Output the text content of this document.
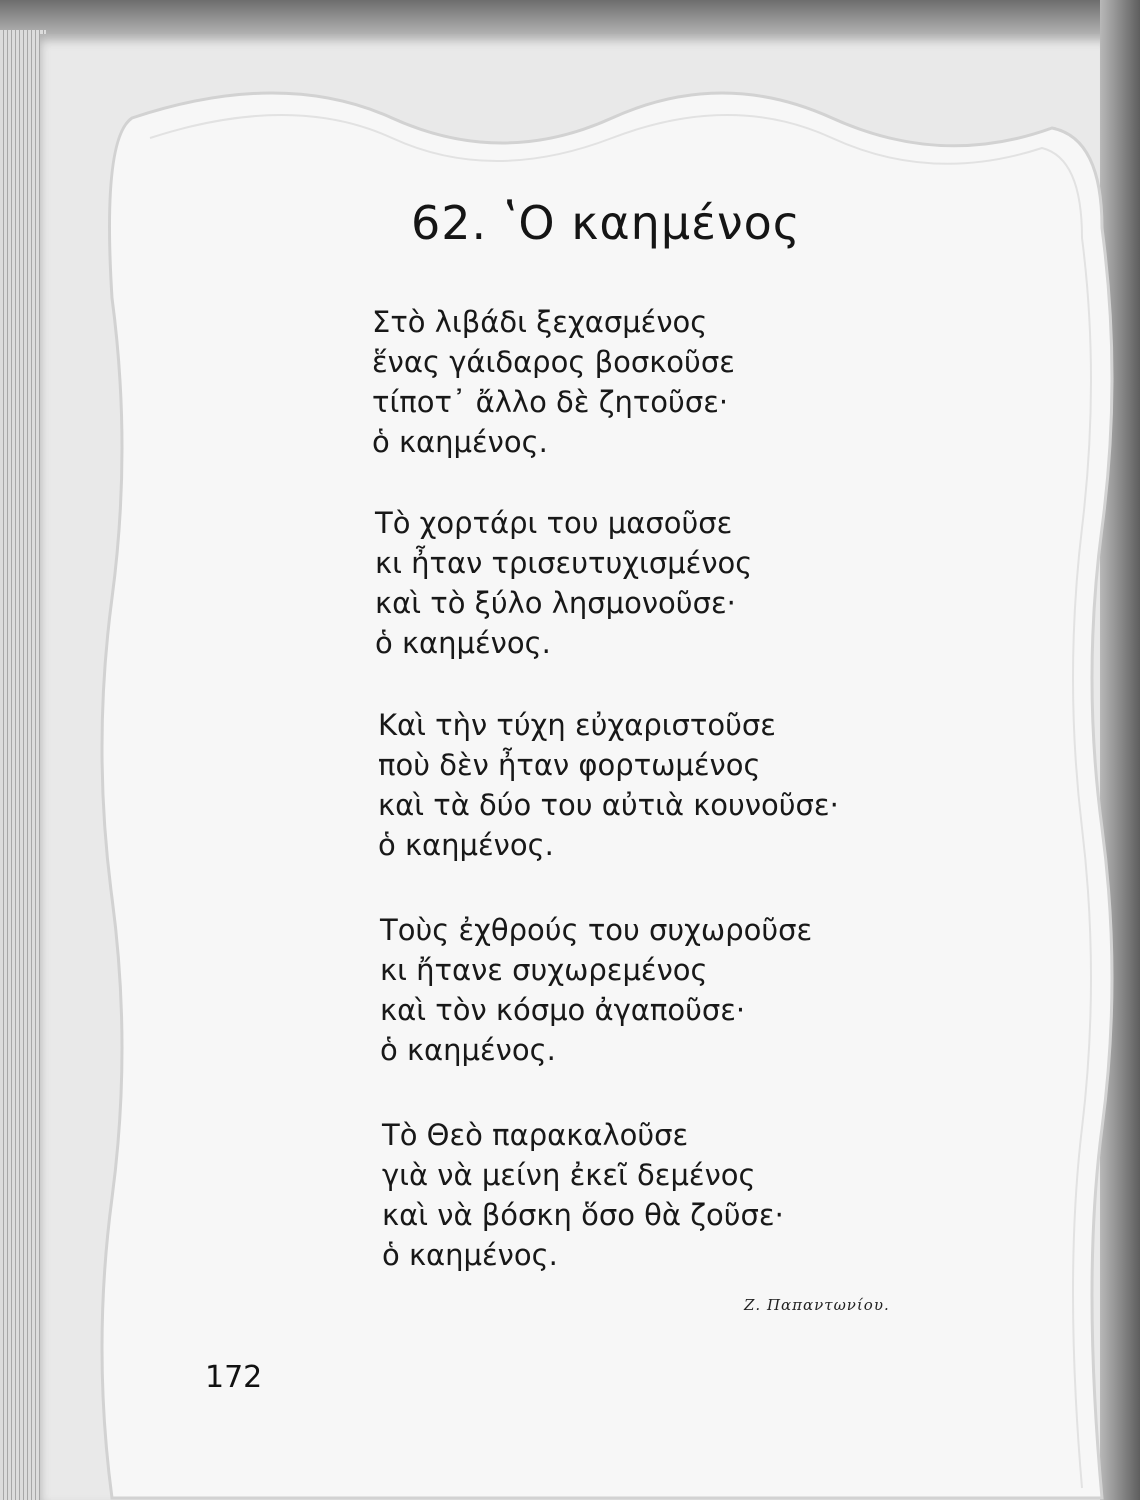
62. ʽΟ καημένος
Στὸ λιβάδι ξεχασμένος
ἕνας γάιδαρος βοσκοῦσε
τίποτ᾽ ἄλλο δὲ ζητοῦσε·
ὁ καημένος.
Τὸ χορτάρι του μασοῦσε
κι ἦταν τρισευτυχισμένος
καὶ τὸ ξύλο λησμονοῦσε·
ὁ καημένος.
Καὶ τὴν τύχη εὐχαριστοῦσε
ποὺ δὲν ἦταν φορτωμένος
καὶ τὰ δύο του αὐτιὰ κουνοῦσε·
ὁ καημένος.
Τοὺς ἐχθρούς του συχωροῦσε
κι ἤτανε συχωρεμένος
καὶ τὸν κόσμο ἀγαποῦσε·
ὁ καημένος.
Τὸ Θεὸ παρακαλοῦσε
γιὰ νὰ μείνη ἐκεῖ δεμένος
καὶ νὰ βόσκη ὅσο θὰ ζοῦσε·
ὁ καημένος.
Ζ. Παπαντωνίου.
172
